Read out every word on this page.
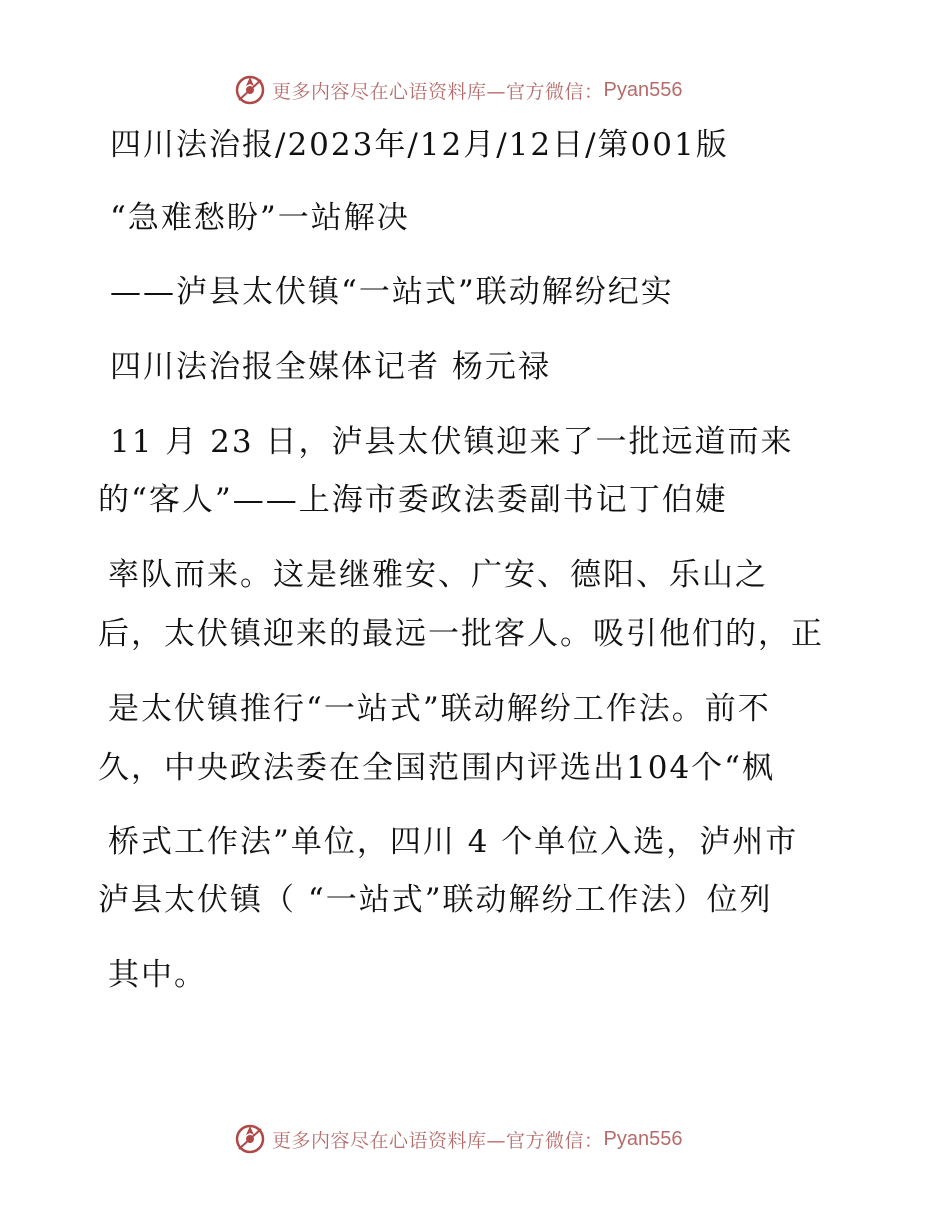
更多内容尽在心语资料库—官方微信： Pyan556
四川法治报/2023年/12月/12日/第001版
“急难愁盼”一站解决
——泸县太伏镇“一站式”联动解纷纪实
四川法治报全媒体记者 杨元禄
11 月 23 日，泸县太伏镇迎来了一批远道而来
的“客人”——上海市委政法委副书记丁伯婕
率队而来。这是继雅安、广安、德阳、乐山之
后，太伏镇迎来的最远一批客人。吸引他们的，正
是太伏镇推行“一站式”联动解纷工作法。前不
久，中央政法委在全国范围内评选出104个“枫
桥式工作法”单位，四川 4 个单位入选，泸州市
泸县太伏镇（ “一站式”联动解纷工作法）位列
其中。
更多内容尽在心语资料库—官方微信： Pyan556
